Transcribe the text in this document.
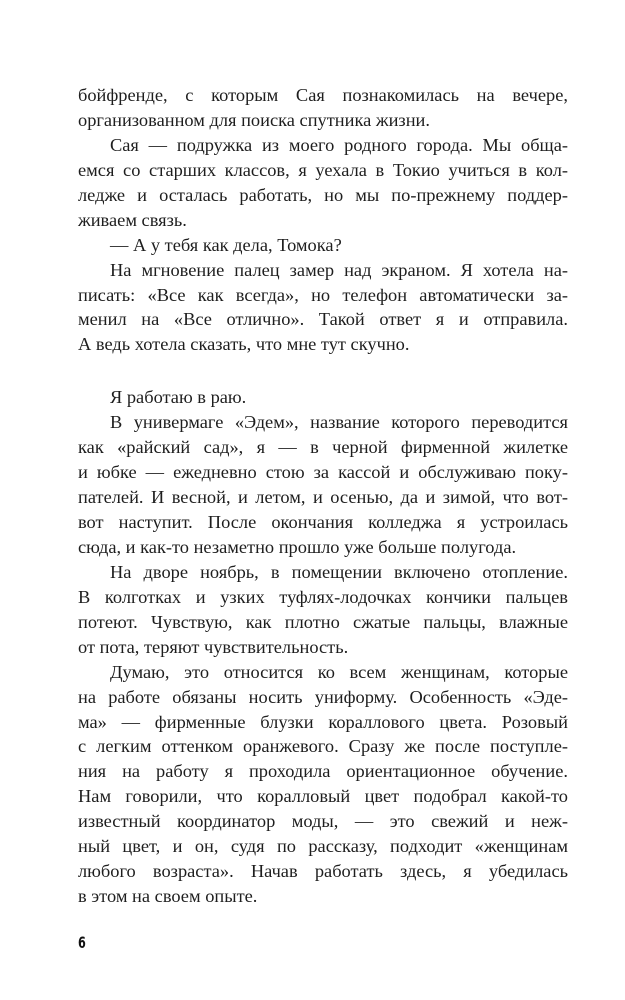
бойфренде, с которым Сая познакомилась на вечере,
организованном для поиска спутника жизни.
Сая — подружка из моего родного города. Мы обща-
емся со старших классов, я уехала в Токио учиться в кол-
ледже и осталась работать, но мы по-прежнему поддер-
живаем связь.
— А у тебя как дела, Томока?
На мгновение палец замер над экраном. Я хотела на-
писать: «Все как всегда», но телефон автоматически за-
менил на «Все отлично». Такой ответ я и отправила.
А ведь хотела сказать, что мне тут скучно.
Я работаю в раю.
В универмаге «Эдем», название которого переводится
как «райский сад», я — в черной фирменной жилетке
и юбке — ежедневно стою за кассой и обслуживаю поку-
пателей. И весной, и летом, и осенью, да и зимой, что вот-
вот наступит. После окончания колледжа я устроилась
сюда, и как-то незаметно прошло уже больше полугода.
На дворе ноябрь, в помещении включено отопление.
В колготках и узких туфлях-лодочках кончики пальцев
потеют. Чувствую, как плотно сжатые пальцы, влажные
от пота, теряют чувствительность.
Думаю, это относится ко всем женщинам, которые
на работе обязаны носить униформу. Особенность «Эде-
ма» — фирменные блузки кораллового цвета. Розовый
с легким оттенком оранжевого. Сразу же после поступле-
ния на работу я проходила ориентационное обучение.
Нам говорили, что коралловый цвет подобрал какой-то
известный координатор моды, — это свежий и неж-
ный цвет, и он, судя по рассказу, подходит «женщинам
любого возраста». Начав работать здесь, я убедилась
в этом на своем опыте.
6
